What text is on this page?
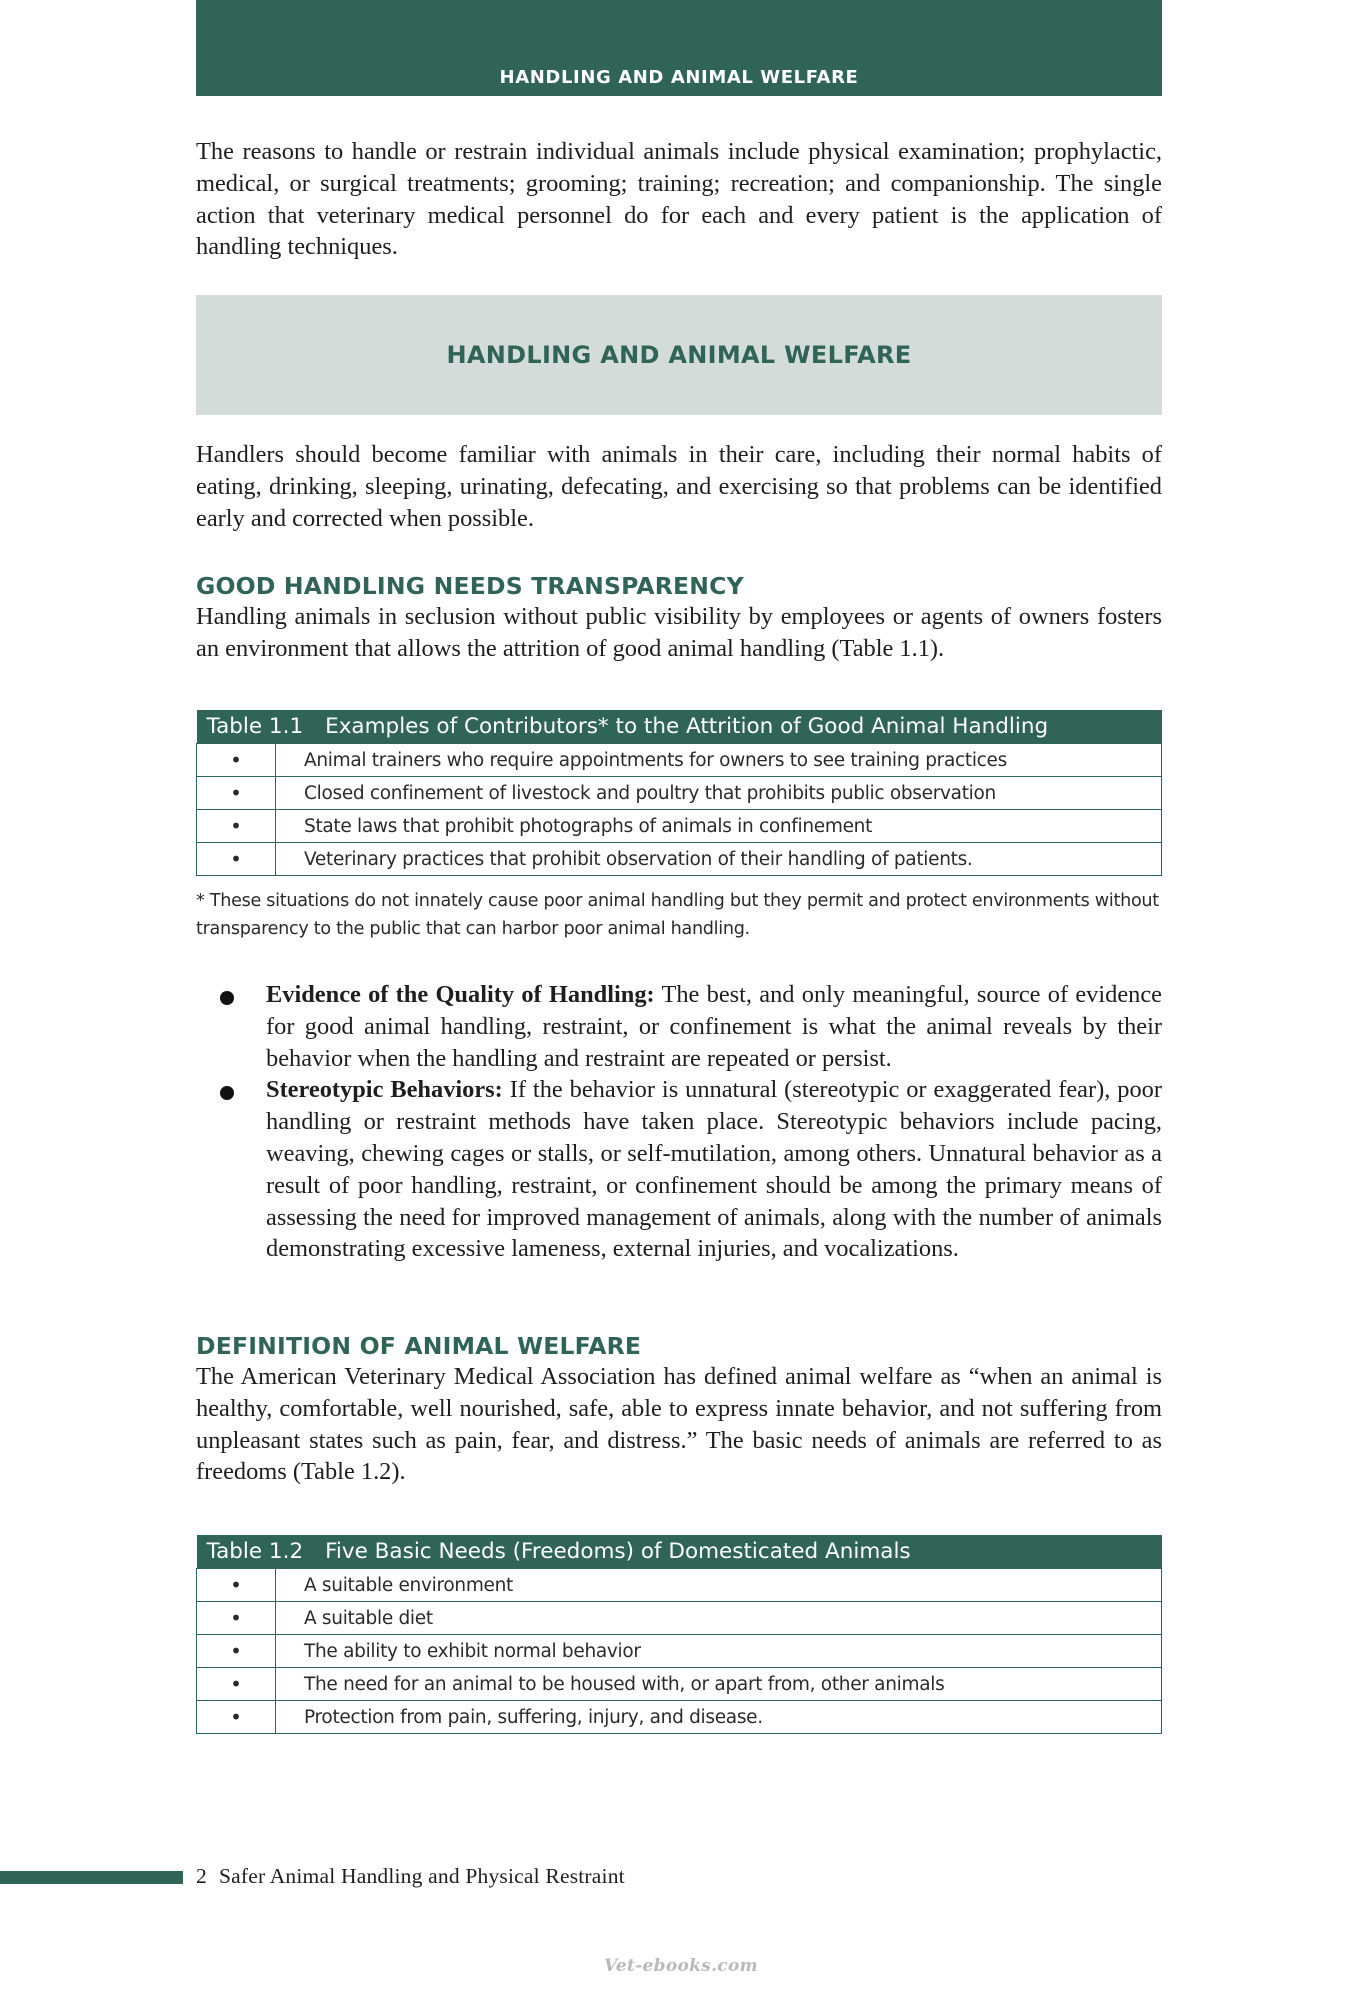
HANDLING AND ANIMAL WELFARE

The reasons to handle or restrain individual animals include physical examination; prophylactic, medical, or surgical treatments; grooming; training; recreation; and companionship. The single action that veterinary medical personnel do for each and every patient is the application of handling techniques.

HANDLING AND ANIMAL WELFARE

Handlers should become familiar with animals in their care, including their normal habits of eating, drinking, sleeping, urinating, defecating, and exercising so that problems can be identified early and corrected when possible.

GOOD HANDLING NEEDS TRANSPARENCY

Handling animals in seclusion without public visibility by employees or agents of owners fosters an environment that allows the attrition of good animal handling (Table 1.1).

Table 1.1 Examples of Contributors* to the Attrition of Good Animal Handling	
•	Animal trainers who require appointments for owners to see training practices
•	Closed confinement of livestock and poultry that prohibits public observation
•	State laws that prohibit photographs of animals in confinement
•	Veterinary practices that prohibit observation of their handling of patients.
* These situations do not innately cause poor animal handling but they permit and protect environments without transparency to the public that can harbor poor animal handling.
Evidence of the Quality of Handling: The best, and only meaningful, source of evidence for good animal handling, restraint, or confinement is what the animal reveals by their behavior when the handling and restraint are repeated or persist.
Stereotypic Behaviors: If the behavior is unnatural (stereotypic or exaggerated fear), poor handling or restraint methods have taken place. Stereotypic behaviors include pacing, weaving, chewing cages or stalls, or self-mutilation, among others. Unnatural behavior as a result of poor handling, restraint, or confinement should be among the primary means of assessing the need for improved management of animals, along with the number of animals demonstrating excessive lameness, external injuries, and vocalizations.
DEFINITION OF ANIMAL WELFARE

The American Veterinary Medical Association has defined animal welfare as “when an animal is healthy, comfortable, well nourished, safe, able to express innate behavior, and not suffering from unpleasant states such as pain, fear, and distress.” The basic needs of animals are referred to as freedoms (Table 1.2).

Table 1.2 Five Basic Needs (Freedoms) of Domesticated Animals	
•	A suitable environment
•	A suitable diet
•	The ability to exhibit normal behavior
•	The need for an animal to be housed with, or apart from, other animals
•	Protection from pain, suffering, injury, and disease.
2 Safer Animal Handling and Physical Restraint
Vet-ebooks.com
